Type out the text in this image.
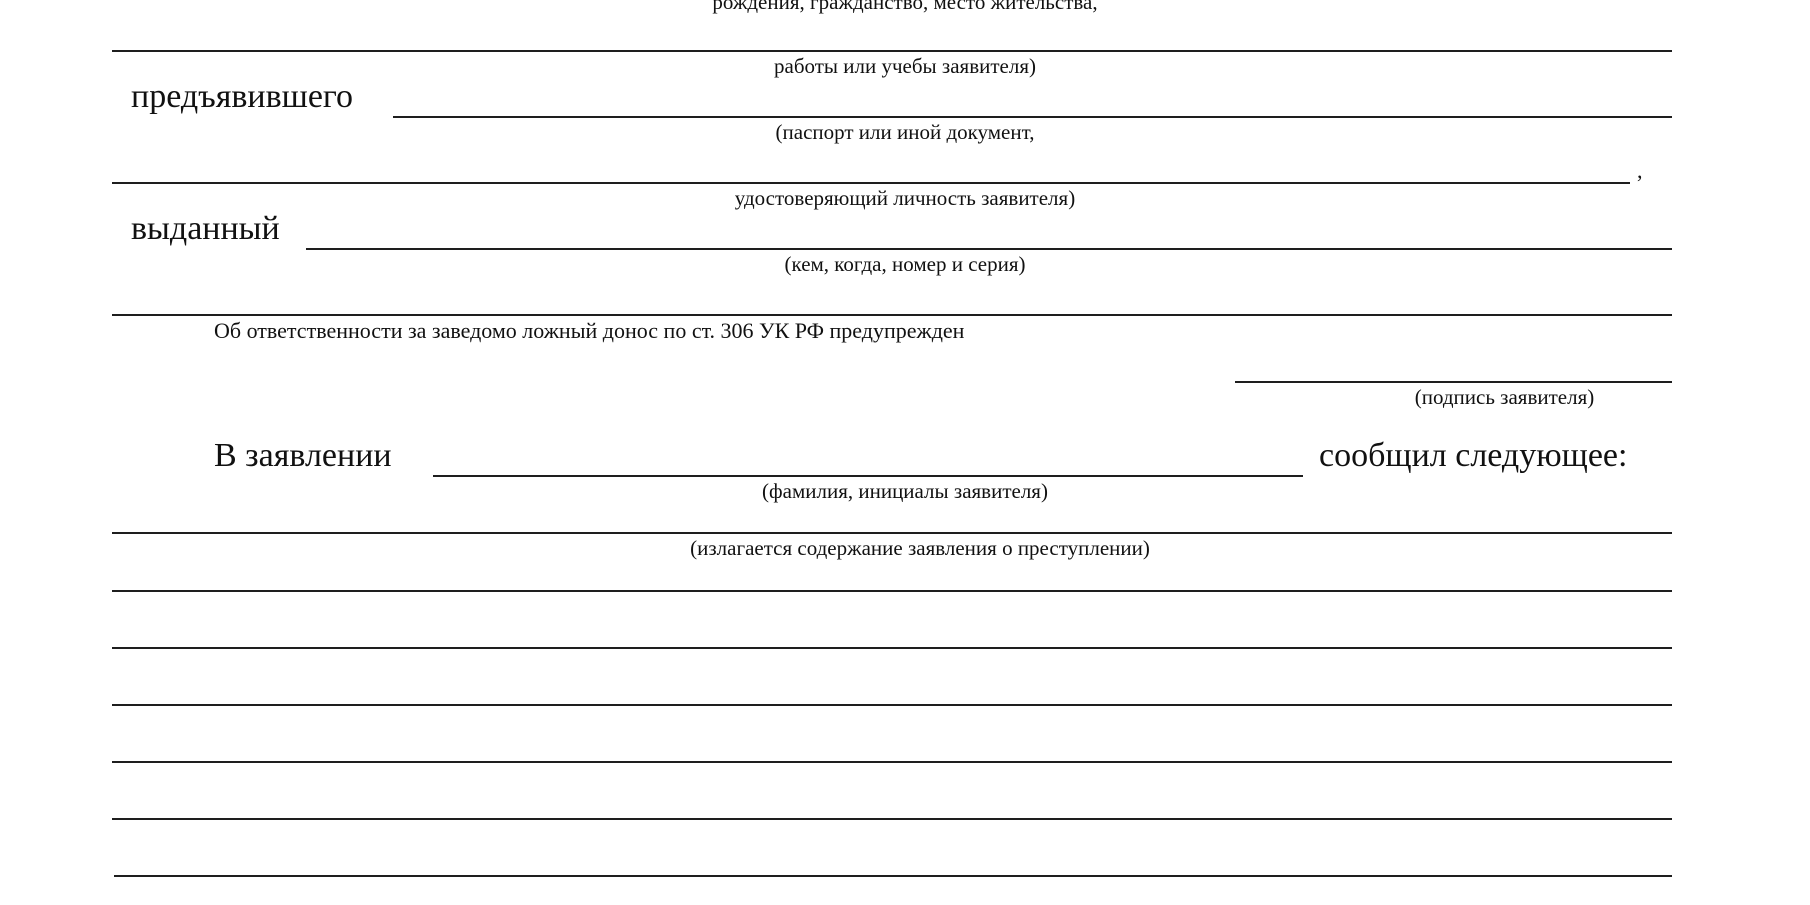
рождения, гражданство, место жительства,
работы или учебы заявителя)
предъявившего
(паспорт или иной документ,
,
удостоверяющий личность заявителя)
выданный
(кем, когда, номер и серия)
Об ответственности за заведомо ложный донос по ст. 306 УК РФ предупрежден
(подпись заявителя)
В заявлении	сообщил следующее:
(фамилия, инициалы заявителя)
(излагается содержание заявления о преступлении)
